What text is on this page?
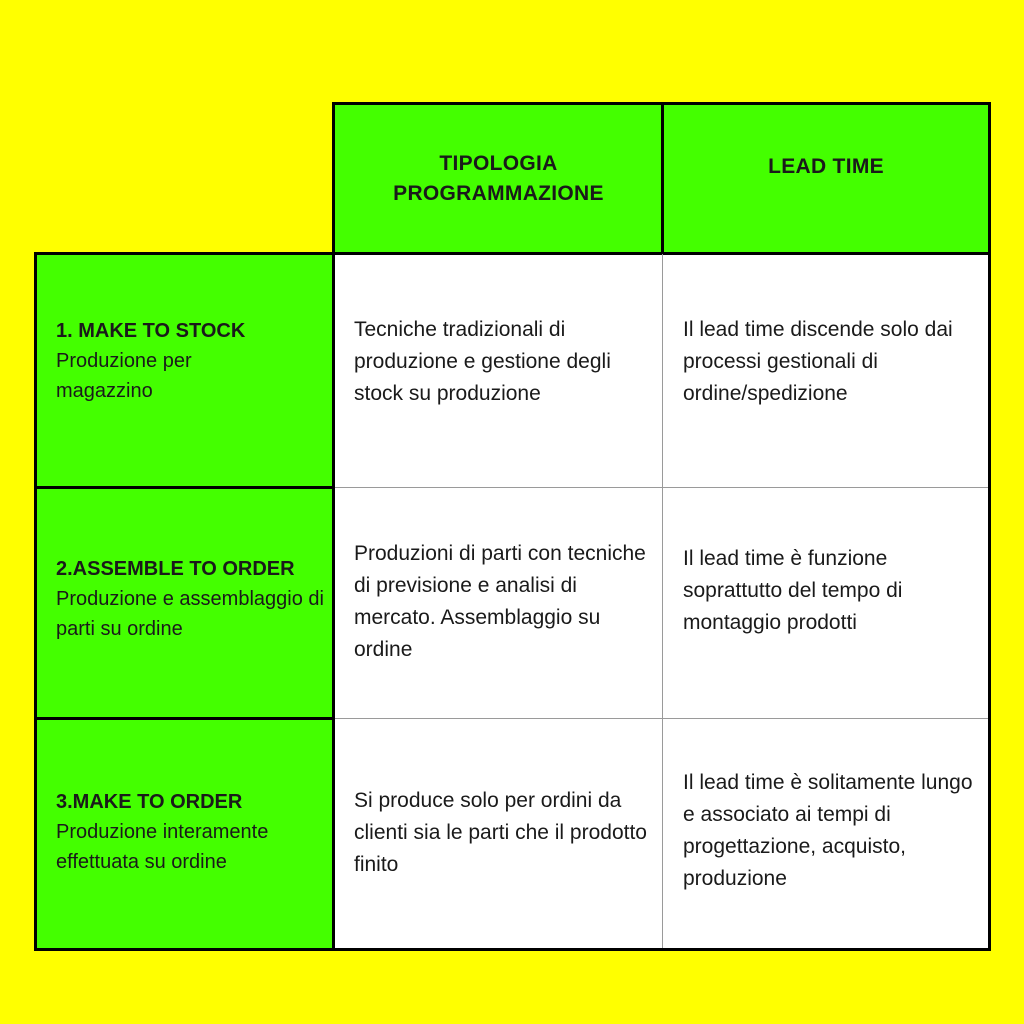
TIPOLOGIA PROGRAMMAZIONE
LEAD TIME
1. MAKE TO STOCK
Produzione per magazzino
Tecniche tradizionali di produzione e gestione degli stock su produzione
Il lead time discende solo dai processi gestionali di ordine/spedizione
2.ASSEMBLE TO ORDER
Produzione e assemblaggio di parti su ordine
Produzioni di parti con tecniche di previsione e analisi di mercato. Assemblaggio su ordine
Il lead time è funzione soprattutto del tempo di montaggio prodotti
3.MAKE TO ORDER
Produzione interamente effettuata su ordine
Si produce solo per ordini da clienti sia le parti che il prodotto finito
Il lead time è solitamente lungo e associato ai tempi di progettazione, acquisto, produzione
